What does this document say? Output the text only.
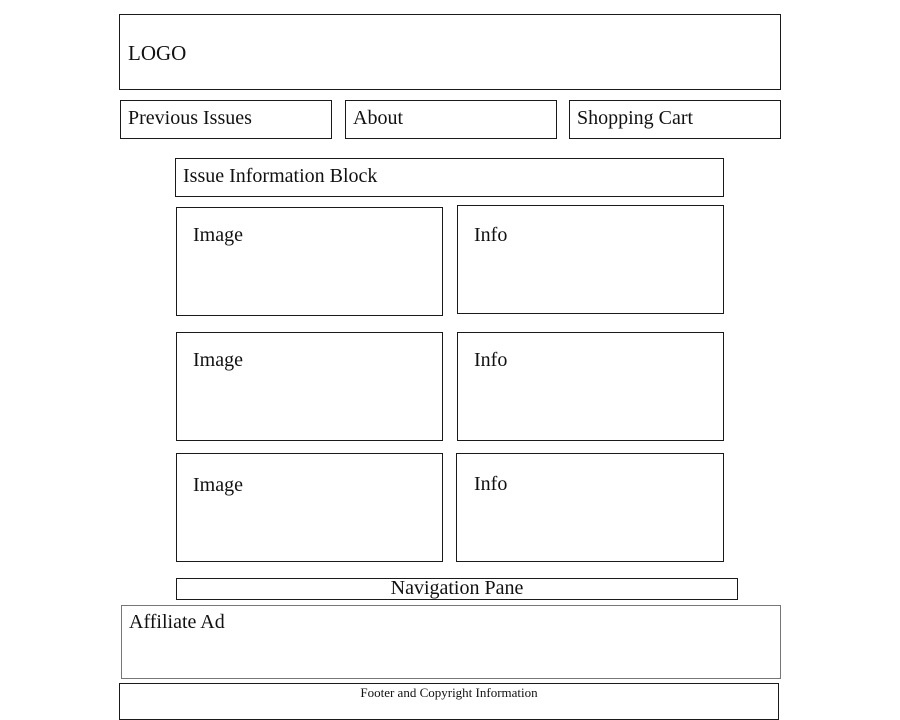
LOGO
Previous Issues	About	Shopping Cart
Issue Information Block
Image	Info
Image	Info
Image	Info
Navigation Pane
Affiliate Ad
Footer and Copyright Information
